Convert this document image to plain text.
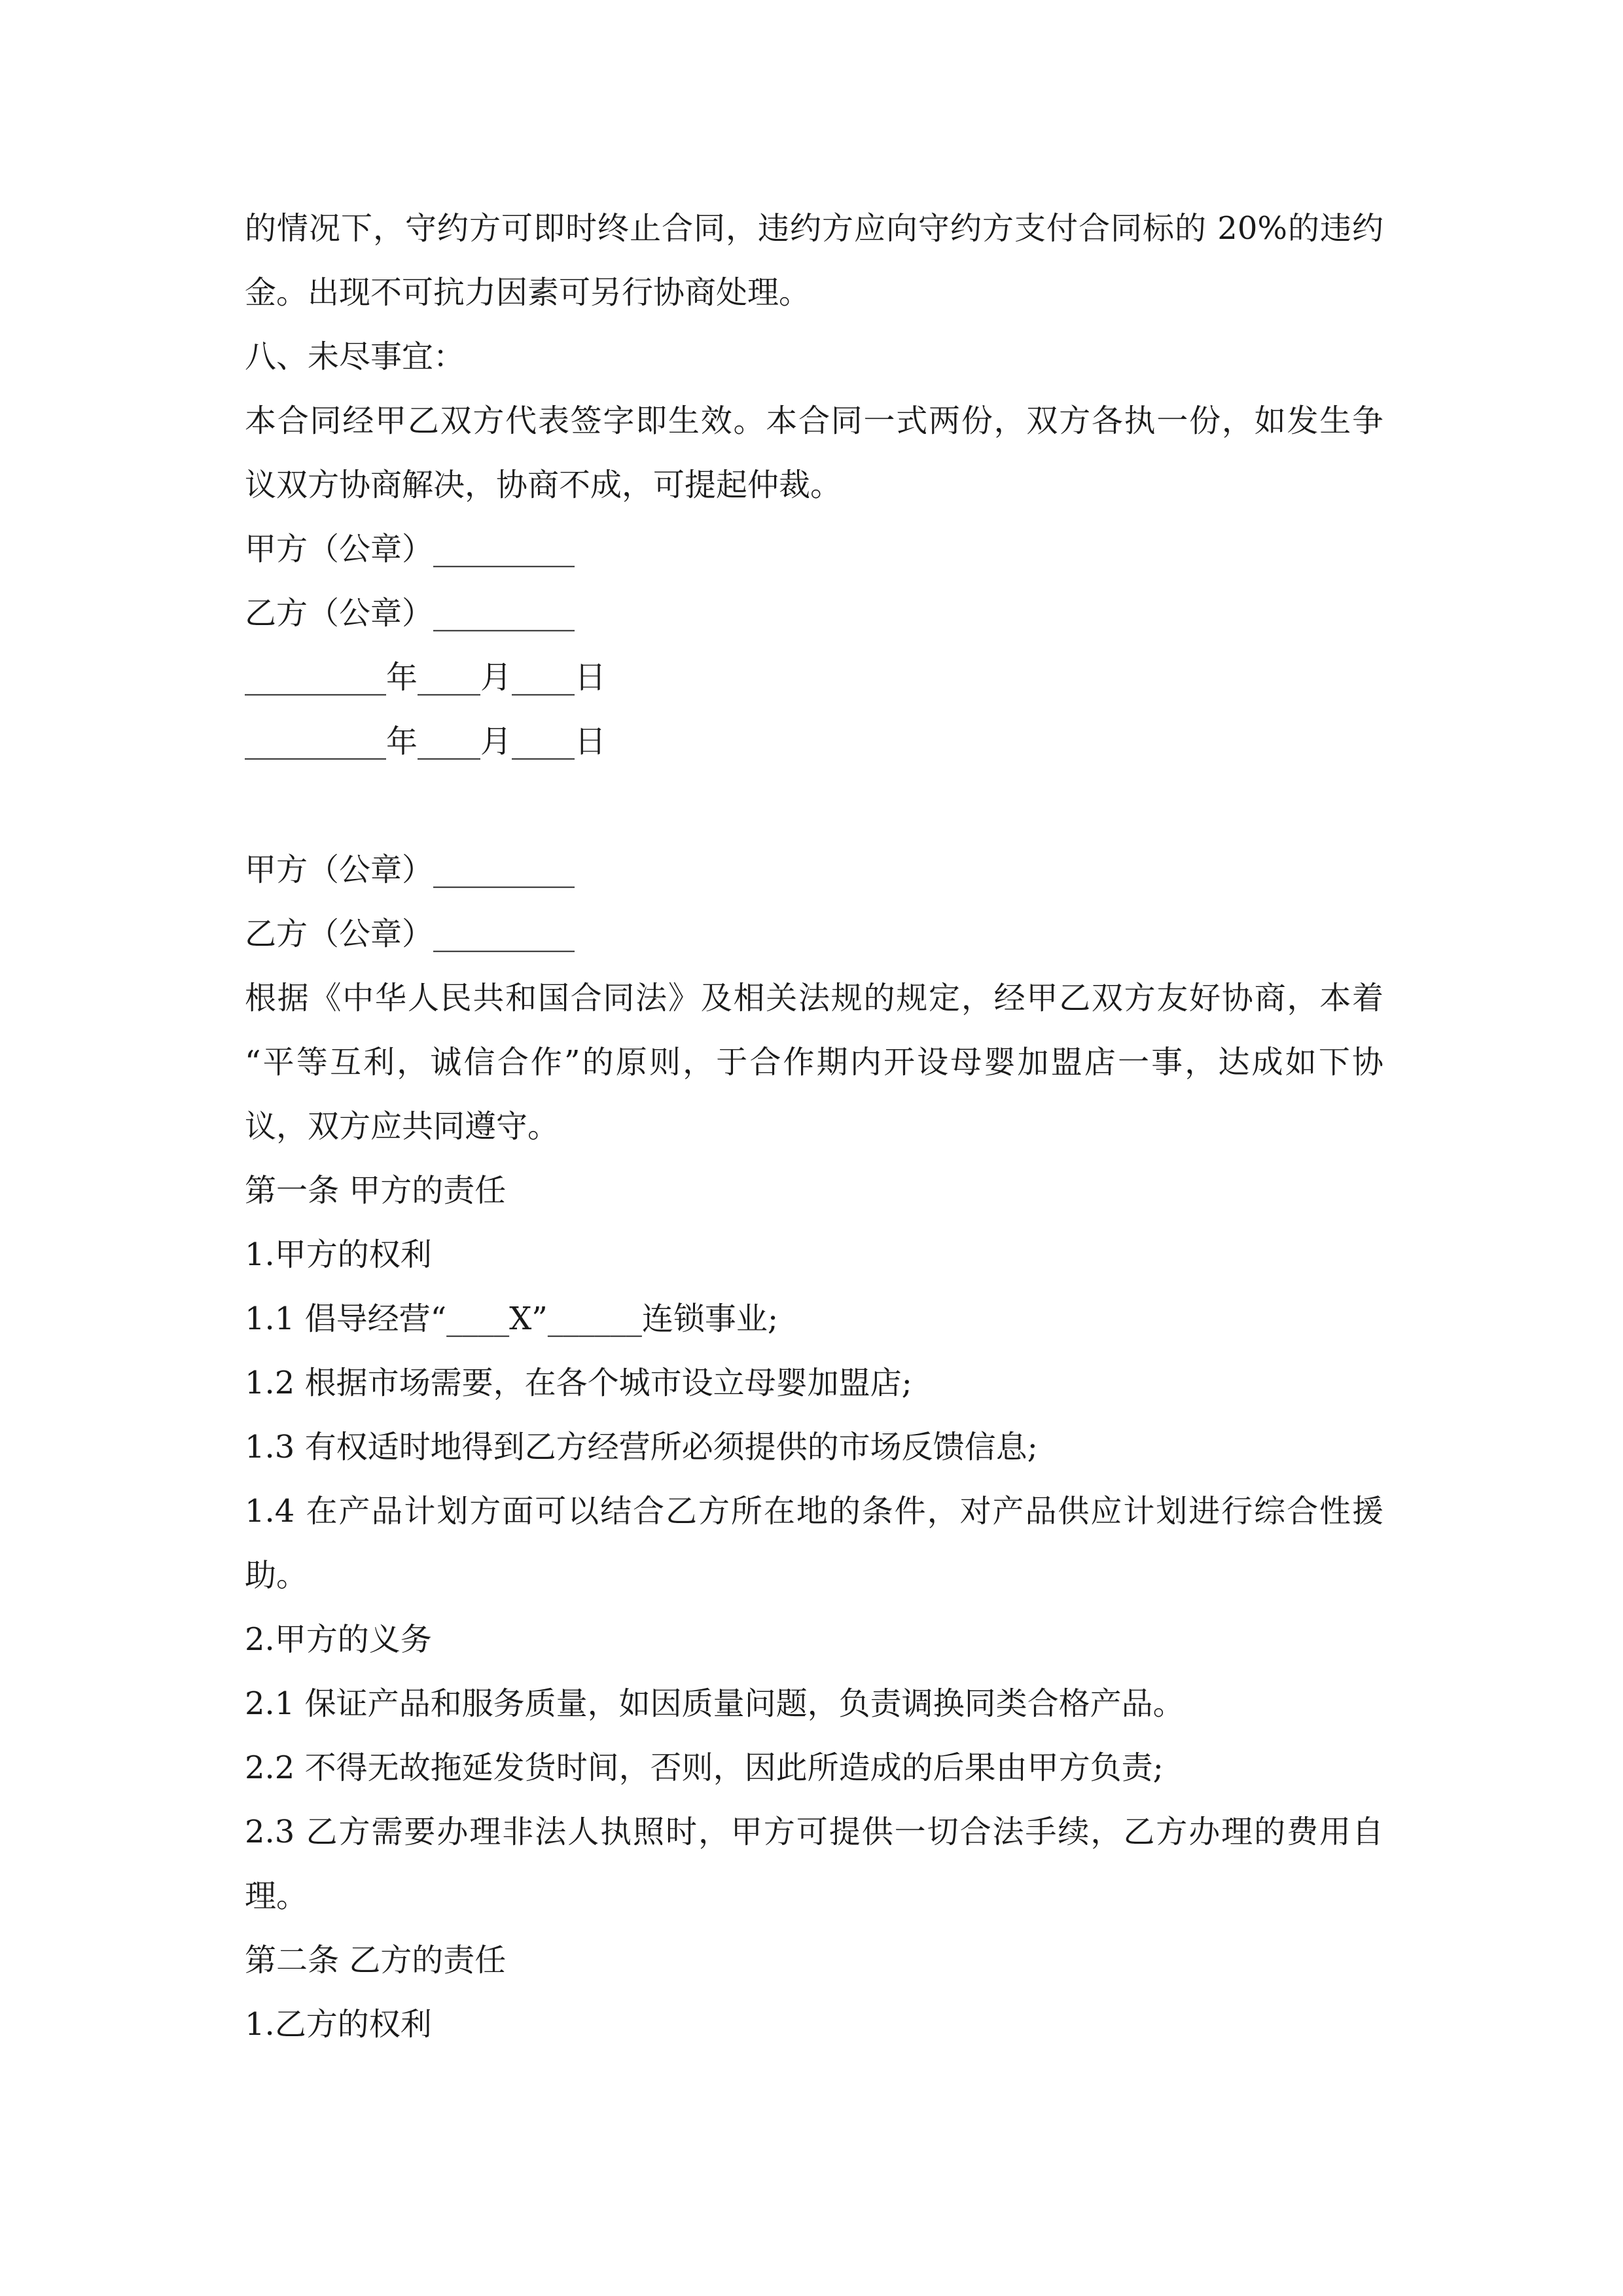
的情况下，守约方可即时终止合同，违约方应向守约方支付合同标的 20%的违约
金。出现不可抗力因素可另行协商处理。
八、未尽事宜：
本合同经甲乙双方代表签字即生效。本合同一式两份，双方各执一份，如发生争
议双方协商解决，协商不成，可提起仲裁。
甲方（公章）_________
乙方（公章）_________
_________年____月____日
_________年____月____日
甲方（公章）_________
乙方（公章）_________
根据《中华人民共和国合同法》及相关法规的规定，经甲乙双方友好协商，本着
“平等互利，诚信合作”的原则，于合作期内开设母婴加盟店一事，达成如下协
议，双方应共同遵守。
第一条 甲方的责任
1.甲方的权利
1.1 倡导经营“____X”______连锁事业;
1.2 根据市场需要，在各个城市设立母婴加盟店;
1.3 有权适时地得到乙方经营所必须提供的市场反馈信息;
1.4 在产品计划方面可以结合乙方所在地的条件，对产品供应计划进行综合性援
助。
2.甲方的义务
2.1 保证产品和服务质量，如因质量问题，负责调换同类合格产品。
2.2 不得无故拖延发货时间，否则，因此所造成的后果由甲方负责;
2.3 乙方需要办理非法人执照时，甲方可提供一切合法手续，乙方办理的费用自
理。
第二条 乙方的责任
1.乙方的权利
